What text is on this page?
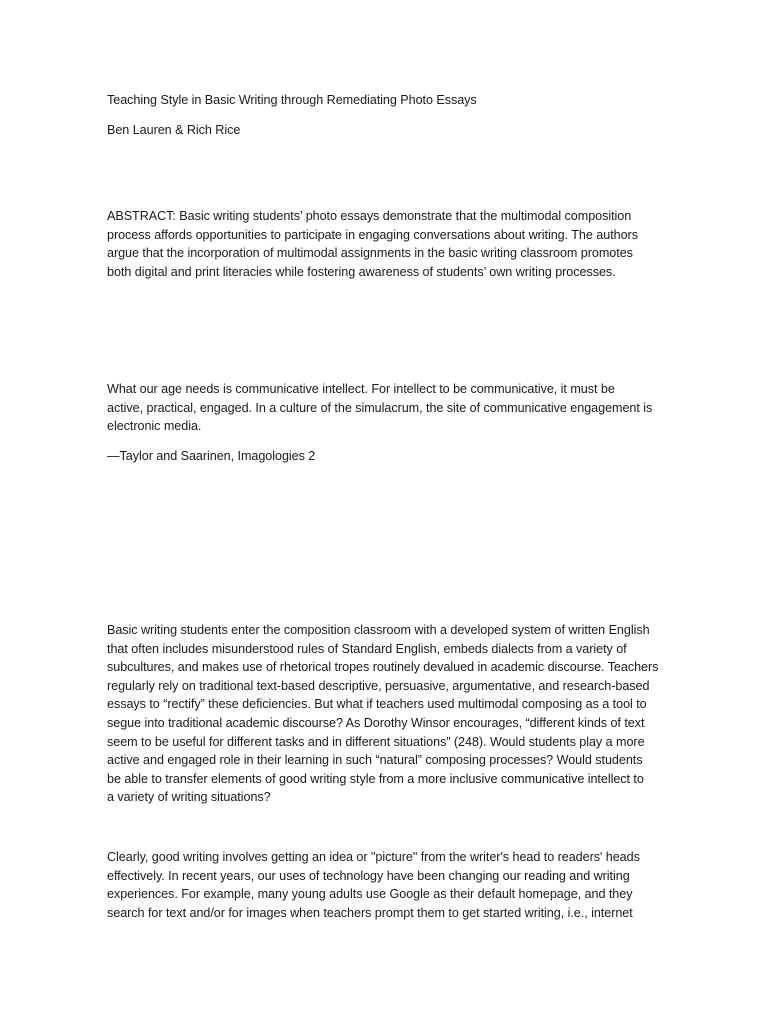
Teaching Style in Basic Writing through Remediating Photo Essays
Ben Lauren & Rich Rice
ABSTRACT: Basic writing students’ photo essays demonstrate that the multimodal composition
process affords opportunities to participate in engaging conversations about writing. The authors
argue that the incorporation of multimodal assignments in the basic writing classroom promotes
both digital and print literacies while fostering awareness of students’ own writing processes.
What our age needs is communicative intellect. For intellect to be communicative, it must be
active, practical, engaged. In a culture of the simulacrum, the site of communicative engagement is
electronic media.
—Taylor and Saarinen, Imagologies 2
Basic writing students enter the composition classroom with a developed system of written English
that often includes misunderstood rules of Standard English, embeds dialects from a variety of
subcultures, and makes use of rhetorical tropes routinely devalued in academic discourse. Teachers
regularly rely on traditional text-based descriptive, persuasive, argumentative, and research-based
essays to “rectify” these deficiencies. But what if teachers used multimodal composing as a tool to
segue into traditional academic discourse? As Dorothy Winsor encourages, “different kinds of text
seem to be useful for different tasks and in different situations” (248). Would students play a more
active and engaged role in their learning in such “natural” composing processes? Would students
be able to transfer elements of good writing style from a more inclusive communicative intellect to
a variety of writing situations?
Clearly, good writing involves getting an idea or "picture" from the writer's head to readers' heads
effectively. In recent years, our uses of technology have been changing our reading and writing
experiences. For example, many young adults use Google as their default homepage, and they
search for text and/or for images when teachers prompt them to get started writing, i.e., internet
